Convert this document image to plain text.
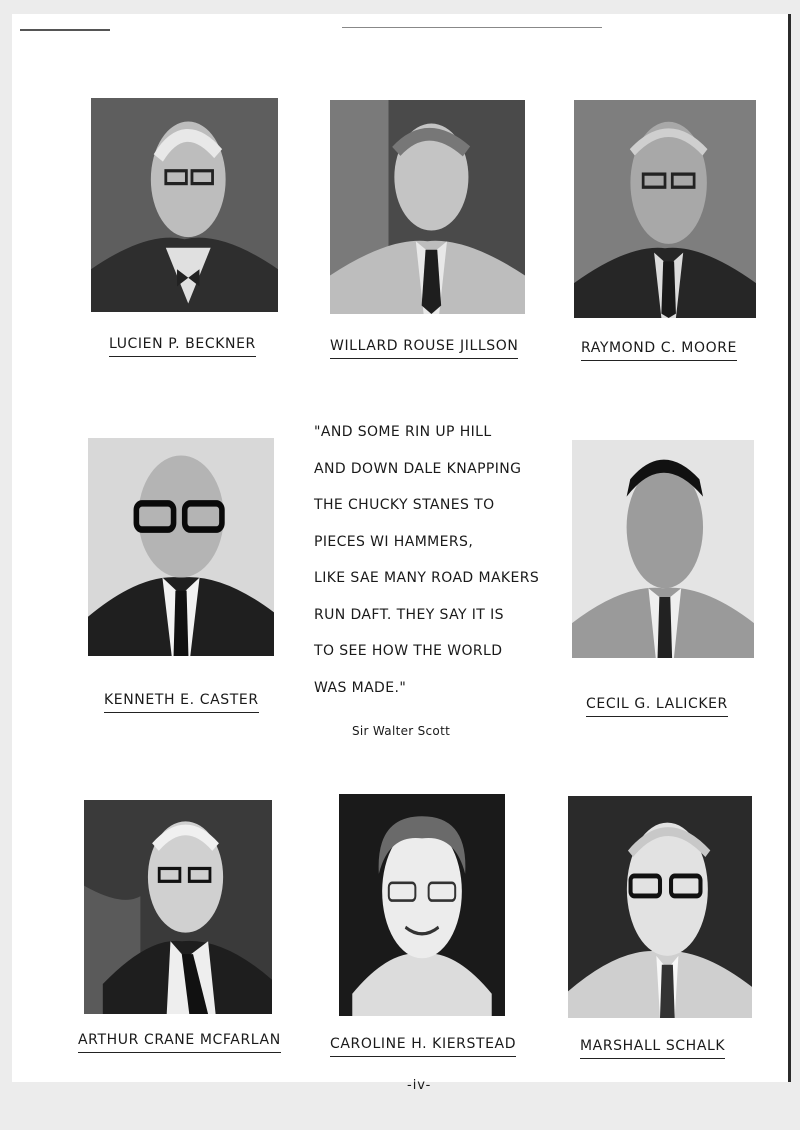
LUCIEN P. BECKNER	WILLARD ROUSE JILLSON	RAYMOND C. MOORE
KENNETH E. CASTER
"AND SOME RIN UP HILL
AND DOWN DALE KNAPPING
THE CHUCKY STANES TO
PIECES WI HAMMERS,
LIKE SAE MANY ROAD MAKERS
RUN DAFT. THEY SAY IT IS
TO SEE HOW THE WORLD
WAS MADE."
Sir Walter Scott
CECIL G. LALICKER
ARTHUR CRANE MCFARLAN	CAROLINE H. KIERSTEAD	MARSHALL SCHALK
-iv-
